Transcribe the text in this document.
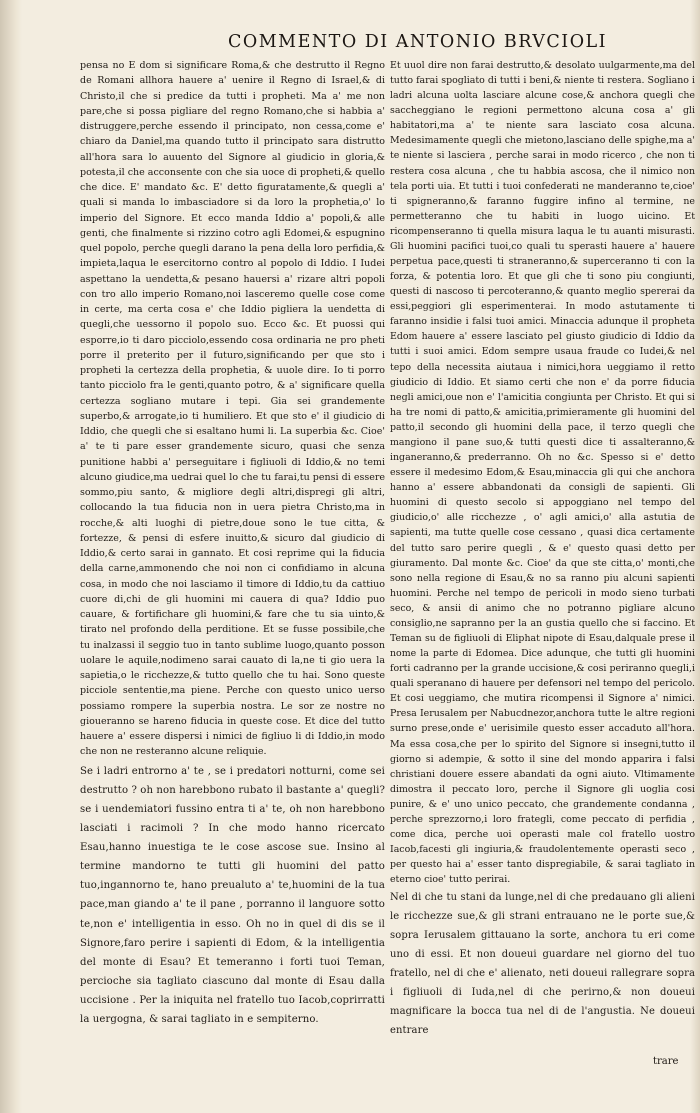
COMMENTO DI ANTONIO BRVCIOLI

pensa no E dom si significare Roma,& che destrutto il Regno de Romani allhora hauere a' uenire il Regno di Israel,& di Christo,il che si predice da tutti i propheti. Ma a' me non pare,che si possa pigliare del regno Romano,che si habbia a' distruggere,perche essendo il principato, non cessa,come e' chiaro da Daniel,ma quando tutto il principato sara distrutto all'hora sara lo auuento del Signore al giudicio in gloria,& potesta,il che acconsente con che sia uoce di propheti,& quello che dice. E' mandato &c. E' detto figuratamente,& quegli a' quali si manda lo imbasciadore si da loro la prophetia,o' lo imperio del Signore. Et ecco manda Iddio a' popoli,& alle genti, che finalmente si rizzino cotro agli Edomei,& espugnino quel popolo, perche quegli darano la pena della loro perfidia,& impieta,laqua le esercitorno contro al popolo di Iddio. I Iudei aspettano la uendetta,& pesano hauersi a' rizare altri popoli con tro allo imperio Romano,noi lasceremo quelle cose come in certe, ma certa cosa e' che Iddio pigliera la uendetta di quegli,che uessorno il popolo suo. Ecco &c. Et puossi qui esporre,io ti daro picciolo,essendo cosa ordinaria ne pro pheti porre il preterito per il futuro,significando per que sto i propheti la certezza della prophetia, & uuole dire. Io ti porro tanto picciolo fra le genti,quanto potro, & a' significare quella certezza sogliano mutare i tepi. Gia sei grandemente superbo,& arrogate,io ti humiliero. Et que sto e' il giudicio di Iddio, che quegli che si esaltano humi li. La superbia &c. Cioe' a' te ti pare esser grandemente sicuro, quasi che senza punitione habbi a' perseguitare i figliuoli di Iddio,& no temi alcuno giudice,ma uedrai quel lo che tu farai,tu pensi di essere sommo,piu santo, & migliore degli altri,dispregi gli altri, collocando la tua fiducia non in uera pietra Christo,ma in rocche,& alti luoghi di pietre,doue sono le tue citta, & fortezze, & pensi di esfere inuitto,& sicuro dal giudicio di Iddio,& certo sarai in gannato. Et cosi reprime qui la fiducia della carne,ammonendo che noi non ci confidiamo in alcuna cosa, in modo che noi lasciamo il timore di Iddio,tu da cattiuo cuore di,chi de gli huomini mi cauera di qua? Iddio puo cauare, & fortifichare gli huomini,& fare che tu sia uinto,& tirato nel profondo della perditione. Et se fusse possibile,che tu inalzassi il seggio tuo in tanto sublime luogo,quanto posson uolare le aquile,nodimeno sarai cauato di la,ne ti gio uera la sapietia,o le ricchezze,& tutto quello che tu hai. Sono queste picciole sententie,ma piene. Perche con questo unico uerso possiamo rompere la superbia nostra. Le sor ze nostre no gioueranno se hareno fiducia in queste cose. Et dice del tutto hauere a' essere dispersi i nimici de figliuo li di Iddio,in modo che non ne resteranno alcune reliquie.

Se i ladri entrorno a' te , se i predatori notturni, come sei destrutto ? oh non harebbono rubato il bastante a' quegli? se i uendemiatori fussino entra ti a' te, oh non harebbono lasciati i racimoli ? In che modo hanno ricercato Esau,hanno inuestiga te le cose ascose sue. Insino al termine mandorno te tutti gli huomini del patto tuo,ingannorno te, hano preualuto a' te,huomini de la tua pace,man giando a' te il pane , porranno il languore sotto te,non e' intelligentia in esso. Oh no in quel di dis se il Signore,faro perire i sapienti di Edom, & la intelligentia del monte di Esau? Et temeranno i forti tuoi Teman, percioche sia tagliato ciascuno dal monte di Esau dalla uccisione . Per la iniquita nel fratello tuo Iacob,coprirratti la uergogna, & sarai tagliato in e sempiterno.

Et uuol dire non farai destrutto,& desolato uulgarmente,ma del tutto farai spogliato di tutti i beni,& niente ti restera. Sogliano i ladri alcuna uolta lasciare alcune cose,& anchora quegli che saccheggiano le regioni permettono alcuna cosa a' gli habitatori,ma a' te niente sara lasciato cosa alcuna. Medesimamente quegli che mietono,lasciano delle spighe,ma a' te niente si lasciera , perche sarai in modo ricerco , che non ti restera cosa alcuna , che tu habbia ascosa, che il nimico non tela porti uia. Et tutti i tuoi confederati ne manderanno te,cioe' ti spigneranno,& faranno fuggire infino al termine, ne permetteranno che tu habiti in luogo uicino. Et ricompenseranno ti quella misura laqua le tu auanti misurasti. Gli huomini pacifici tuoi,co quali tu sperasti hauere a' hauere perpetua pace,questi ti straneranno,& superceranno ti con la forza, & potentia loro. Et que gli che ti sono piu congiunti, questi di nascoso ti percoteranno,& quanto meglio spererai da essi,peggiori gli esperimenterai. In modo astutamente ti faranno insidie i falsi tuoi amici. Minaccia adunque il propheta Edom hauere a' essere lasciato pel giusto giudicio di Iddio da tutti i suoi amici. Edom sempre usaua fraude co Iudei,& nel tepo della necessita aiutaua i nimici,hora ueggiamo il retto giudicio di Iddio. Et siamo certi che non e' da porre fiducia negli amici,oue non e' l'amicitia congiunta per Christo. Et qui si ha tre nomi di patto,& amicitia,primieramente gli huomini del patto,il secondo gli huomini della pace, il terzo quegli che mangiono il pane suo,& tutti questi dice ti assalteranno,& inganeranno,& prederranno. Oh no &c. Spesso si e' detto essere il medesimo Edom,& Esau,minaccia gli qui che anchora hanno a' essere abbandonati da consigli de sapienti. Gli huomini di questo secolo si appoggiano nel tempo del giudicio,o' alle ricchezze , o' agli amici,o' alla astutia de sapienti, ma tutte quelle cose cessano , quasi dica certamente del tutto saro perire quegli , & e' questo quasi detto per giuramento. Dal monte &c. Cioe' da que ste citta,o' monti,che sono nella regione di Esau,& no sa ranno piu alcuni sapienti huomini. Perche nel tempo de pericoli in modo sieno turbati seco, & ansii di animo che no potranno pigliare alcuno consiglio,ne sapranno per la an gustia quello che si faccino. Et Teman su de figliuoli di Eliphat nipote di Esau,dalquale prese il nome la parte di Edomea. Dice adunque, che tutti gli huomini forti cadranno per la grande uccisione,& cosi periranno quegli,i quali speranano di hauere per defensori nel tempo del pericolo. Et cosi ueggiamo, che mutira ricompensi il Signore a' nimici. Presa Ierusalem per Nabucdnezor,anchora tutte le altre regioni surno prese,onde e' uerisimile questo esser accaduto all'hora. Ma essa cosa,che per lo spirito del Signore si insegni,tutto il giorno si adempie, & sotto il sine del mondo apparira i falsi christiani douere essere abandati da ogni aiuto. Vltimamente dimostra il peccato loro, perche il Signore gli uoglia cosi punire, & e' uno unico peccato, che grandemente condanna , perche sprezzorno,i loro frategli, come peccato di perfidia , come dica, perche uoi operasti male col fratello uostro Iacob,facesti gli ingiuria,& fraudolentemente operasti seco , per questo hai a' esser tanto dispregiabile, & sarai tagliato in eterno cioe' tutto perirai.

Nel di che tu stani da lunge,nel di che predauano gli alieni le ricchezze sue,& gli strani entrauano ne le porte sue,& sopra Ierusalem gittauano la sorte, anchora tu eri come uno di essi. Et non doueui guardare nel giorno del tuo fratello, nel di che e' alienato, neti doueui rallegrare sopra i figliuoli di Iuda,nel di che perirno,& non doueui magnificare la bocca tua nel di de l'angustia. Ne doueui entrare

trare
